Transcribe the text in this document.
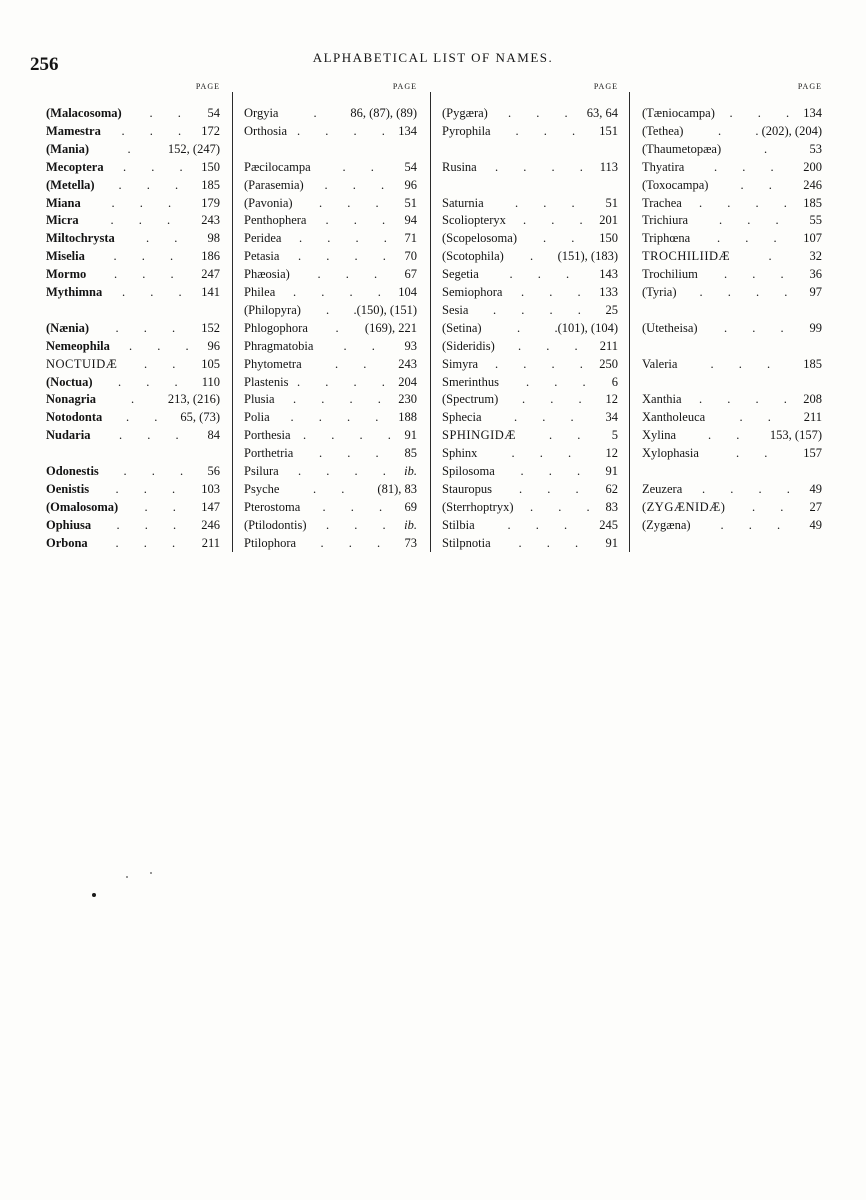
256	ALPHABETICAL LIST OF NAMES.
PAGE
(Malacosoma) . . 54
Mamestra . . . 172
(Mania)	. 152, (247)
Mecoptera . . . 150
(Metella) . . . 185
Miana . . . 179
Micra	. . . 243
Miltochrysta	. . 98
Miselia . . . 186
Mormo . . . 247
Mythimna . . . 141
(Nænia) . . . 152
Nemeophila . . . 96
NOCTUIDÆ . . 105
(Noctua) . . . 110
Nonagria	. 213, (216)
Notodonta . . 65, (73)
Nudaria . . . 84
Odonestis . . . 56
Oenistis . . . 103
(Omalosoma) . . 147
Ophiusa . . . 246
Orbona . . . 211
PAGE
Orgyia	. 86, (87), (89)
Orthosia . . . . 134
Pæcilocampa	. . 54
(Parasemia) . . . 96
(Pavonia) . . . 51
Penthophera . . . 94
Peridea . . . . 71
Petasia . . . . 70
Phæosia) . . . 67
Philea . . . . 104
(Philopyra) . .(150), (151)
Phlogophora . (169), 221
Phragmatobia . . 93
Phytometra	. . 243
Plastenis . . . . 204
Plusia . . . . 230
Polia . . . . 188
Porthesia . . . . 91
Porthetria . . . 85
Psilura . . . . ib.
Psyche	. . (81), 83
Pterostoma . . . 69
(Ptilodontis) . . . ib.
Ptilophora . . . 73
PAGE
(Pygæra) . . . 63, 64
Pyrophila . . . 151
Rusina . . . . 113
Saturnia	. . . 51
Scoliopteryx . . . 201
(Scopelosoma) . . 150
(Scotophila) . (151), (183)
Segetia . . . 143
Semiophora . . . 133
Sesia . . . . 25
(Setina)	. .(101), (104)
(Sideridis) . . . 211
Simyra . . . . 250
Smerinthus . . . 6
(Spectrum) . . . 12
Sphecia	. . . 34
SPHINGIDÆ	. . 5
Sphinx	. . . 12
Spilosoma . . . 91
Stauropus . . . 62
(Sterrhoptryx) . . . 83
Stilbia	. . . 245
Stilpnotia . . . 91
PAGE
(Tæniocampa) . . . 134
(Tethea)	. . (202), (204)
(Thaumetopæa)	.	53
Thyatira . . . 200
(Toxocampa)	. . 246
Trachea . . . . 185
Trichiura . . . 55
Triphœna . . . 107
TROCHILIIDÆ	. 32
Trochilium . . . 36
(Tyria) . . . . 97
(Utetheisa) . . . 99
Valeria	. . . 185
Xanthia . . . . 208
Xantholeuca	. . 211
Xylina	. . 153, (157)
Xylophasia	. . 157
Zeuzera . . . . 49
(ZYGÆNIDÆ) . . 27
(Zygæna) . . . 49
